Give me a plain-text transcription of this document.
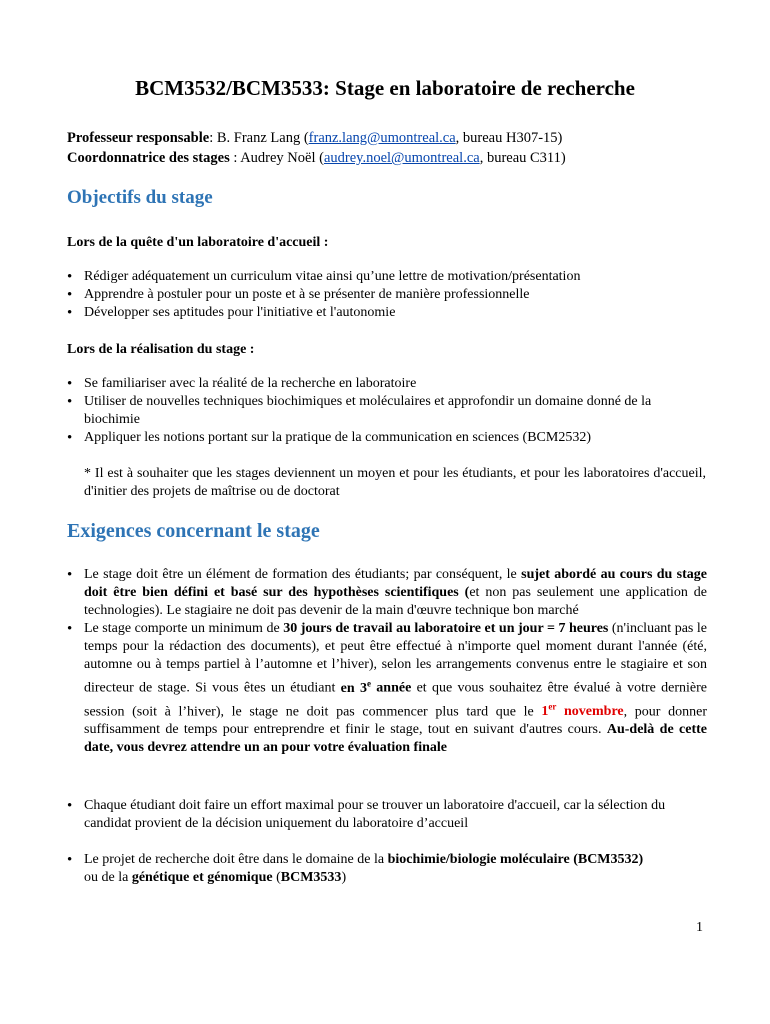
BCM3532/BCM3533: Stage en laboratoire de recherche
Professeur responsable: B. Franz Lang (franz.lang@umontreal.ca, bureau H307-15)
Coordonnatrice des stages : Audrey Noël (audrey.noel@umontreal.ca, bureau C311)
Objectifs du stage
Lors de la quête d'un laboratoire d'accueil :
• Rédiger adéquatement un curriculum vitae ainsi qu’une lettre de motivation/présentation
• Apprendre à postuler pour un poste et à se présenter de manière professionnelle
• Développer ses aptitudes pour l'initiative et l'autonomie
Lors de la réalisation du stage :
• Se familiariser avec la réalité de la recherche en laboratoire
• Utiliser de nouvelles techniques biochimiques et moléculaires et approfondir un domaine donné de la biochimie
• Appliquer les notions portant sur la pratique de la communication en sciences (BCM2532)
* Il est à souhaiter que les stages deviennent un moyen et pour les étudiants, et pour les laboratoires d'accueil, d'initier des projets de maîtrise ou de doctorat
Exigences concernant le stage
• Le stage doit être un élément de formation des étudiants; par conséquent, le sujet abordé au cours du stage doit être bien défini et basé sur des hypothèses scientifiques (et non pas seulement une application de technologies). Le stagiaire ne doit pas devenir de la main d'œuvre technique bon marché
• Le stage comporte un minimum de 30 jours de travail au laboratoire et un jour = 7 heures (n'incluant pas le temps pour la rédaction des documents), et peut être effectué à n'importe quel moment durant l'année (été, automne ou à temps partiel à l’automne et l’hiver), selon les arrangements convenus entre le stagiaire et son directeur de stage. Si vous êtes un étudiant en 3e année et que vous souhaitez être évalué à votre dernière session (soit à l’hiver), le stage ne doit pas commencer plus tard que le 1er novembre, pour donner suffisamment de temps pour entreprendre et finir le stage, tout en suivant d'autres cours. Au-delà de cette date, vous devrez attendre un an pour votre évaluation finale
• Chaque étudiant doit faire un effort maximal pour se trouver un laboratoire d'accueil, car la sélection du candidat provient de la décision uniquement du laboratoire d’accueil
• Le projet de recherche doit être dans le domaine de la biochimie/biologie moléculaire (BCM3532)
ou de la génétique et génomique (BCM3533)
1
